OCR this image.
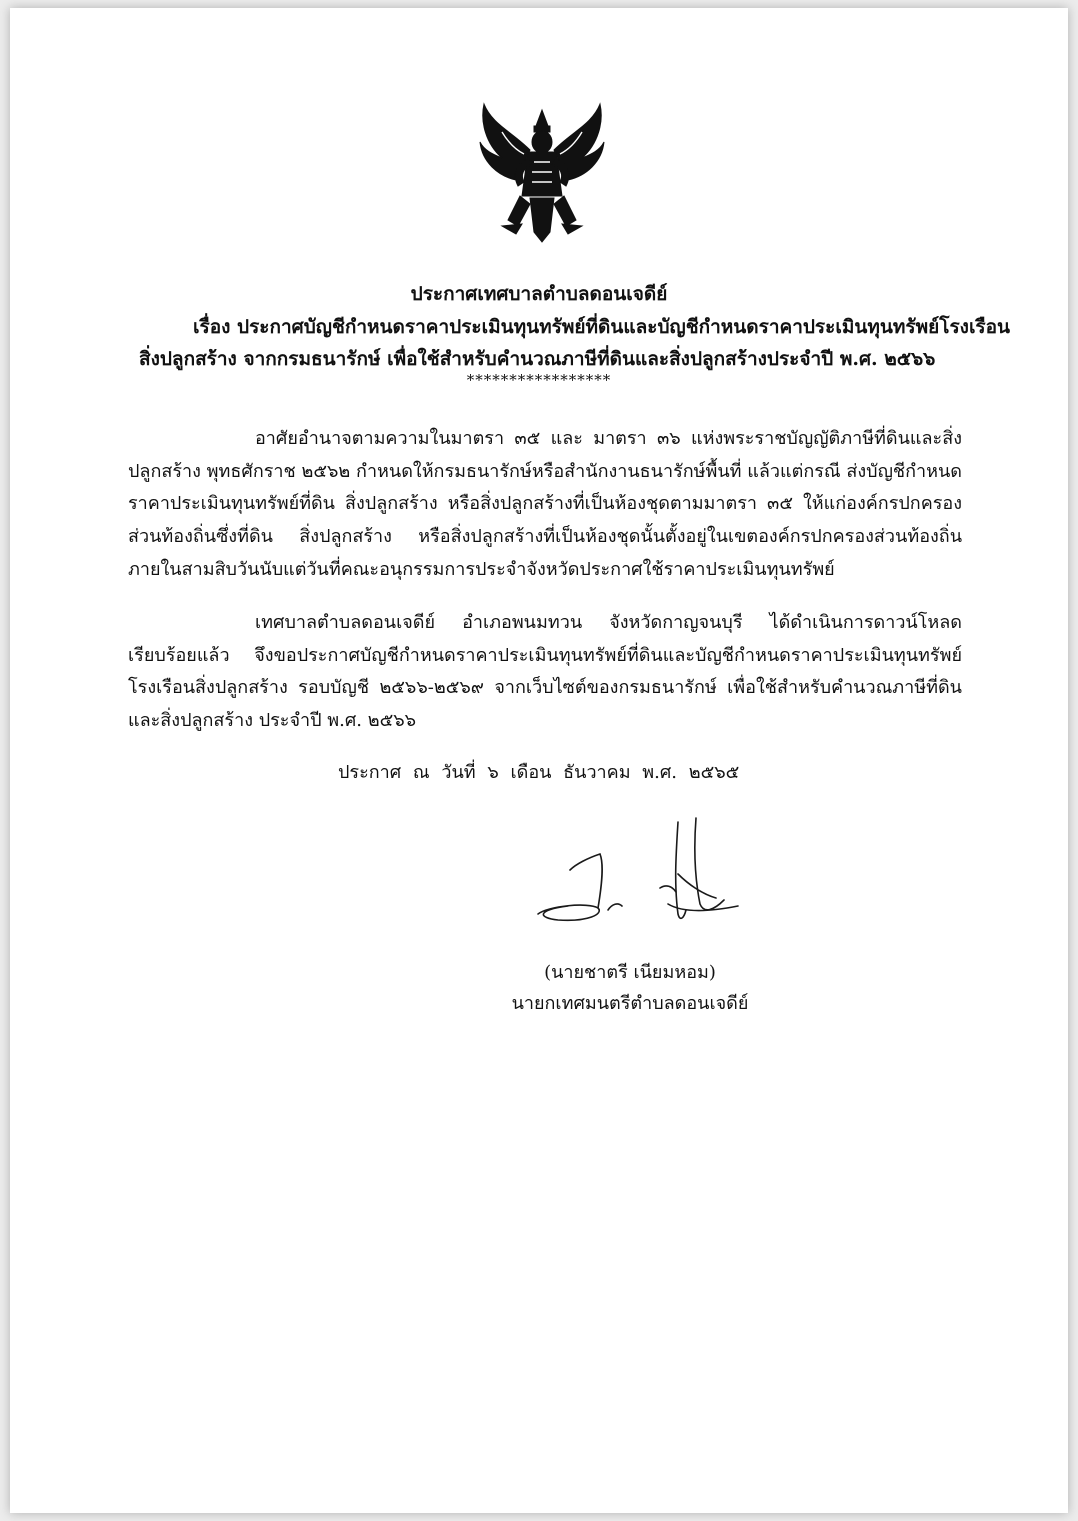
ประกาศเทศบาลตำบลดอนเจดีย์
เรื่อง ประกาศบัญชีกำหนดราคาประเมินทุนทรัพย์ที่ดินและบัญชีกำหนดราคาประเมินทุนทรัพย์โรงเรือน
สิ่งปลูกสร้าง จากกรมธนารักษ์ เพื่อใช้สำหรับคำนวณภาษีที่ดินและสิ่งปลูกสร้างประจำปี พ.ศ. ๒๕๖๖
*****************
อาศัยอำนาจตามความในมาตรา ๓๕ และ มาตรา ๓๖ แห่งพระราชบัญญัติภาษีที่ดินและสิ่งปลูกสร้าง พุทธศักราช ๒๕๖๒ กำหนดให้กรมธนารักษ์หรือสำนักงานธนารักษ์พื้นที่ แล้วแต่กรณี ส่งบัญชีกำหนดราคาประเมินทุนทรัพย์ที่ดิน สิ่งปลูกสร้าง หรือสิ่งปลูกสร้างที่เป็นห้องชุดตามมาตรา ๓๕ ให้แก่องค์กรปกครองส่วนท้องถิ่นซึ่งที่ดิน สิ่งปลูกสร้าง หรือสิ่งปลูกสร้างที่เป็นห้องชุดนั้นตั้งอยู่ในเขตองค์กรปกครองส่วนท้องถิ่น ภายในสามสิบวันนับแต่วันที่คณะอนุกรรมการประจำจังหวัดประกาศใช้ราคาประเมินทุนทรัพย์
เทศบาลตำบลดอนเจดีย์ อำเภอพนมทวน จังหวัดกาญจนบุรี ได้ดำเนินการดาวน์โหลดเรียบร้อยแล้ว จึงขอประกาศบัญชีกำหนดราคาประเมินทุนทรัพย์ที่ดินและบัญชีกำหนดราคาประเมินทุนทรัพย์โรงเรือนสิ่งปลูกสร้าง รอบบัญชี ๒๕๖๖-๒๕๖๙ จากเว็บไซต์ของกรมธนารักษ์ เพื่อใช้สำหรับคำนวณภาษีที่ดินและสิ่งปลูกสร้าง ประจำปี พ.ศ. ๒๕๖๖
ประกาศ ณ วันที่ ๖ เดือน ธันวาคม พ.ศ. ๒๕๖๕
(นายชาตรี เนียมหอม)
นายกเทศมนตรีตำบลดอนเจดีย์
